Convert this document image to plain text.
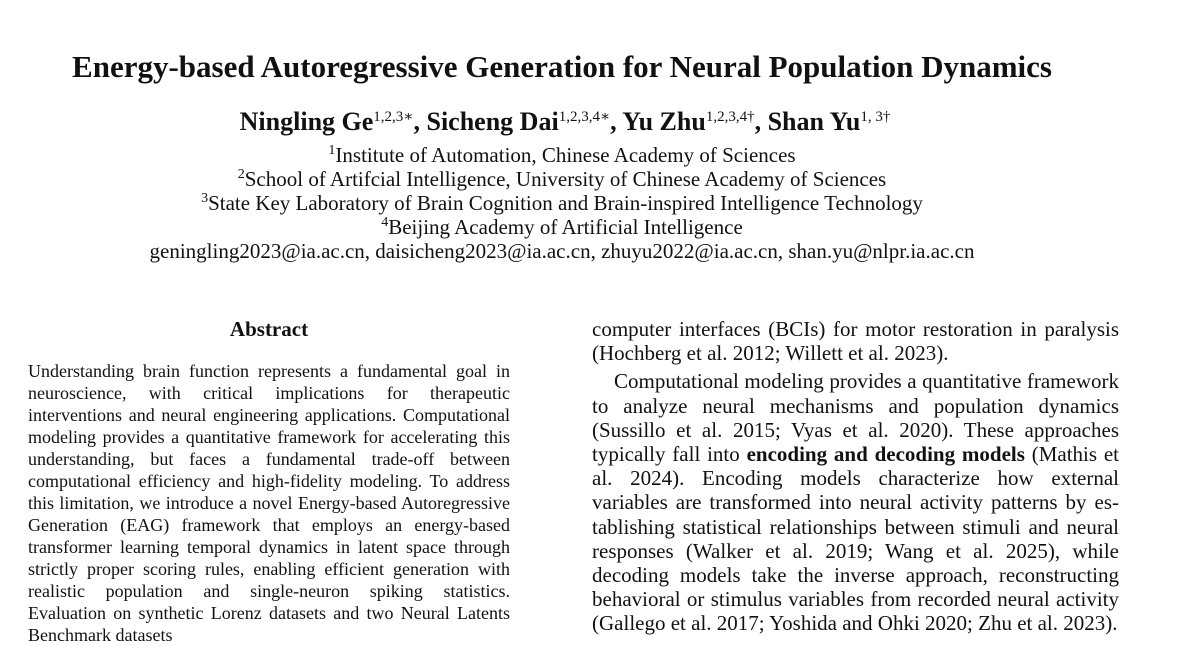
Energy-based Autoregressive Generation for Neural Population Dynamics
Ningling $Ge^{1,2,3∗}$, Sicheng Dai$^{1,2,3,4∗}$, Yu Zhu$^{1,2,3,4\dagger}$, Shan $Yu^{1, 3\dagger}$
$^1$Institute of Automation, Chinese Academy of Sciences
$^2$School of Artifcial Intelligence, University of Chinese Academy of Sciences
$^3$State Key Laboratory of Brain Cognition and Brain-inspired Intelligence Technology
$^4$Beijing Academy of Artificial Intelligence
geningling2023@ia.ac.cn, daisicheng2023@ia.ac.cn, zhuyu2022@ia.ac.cn, shan.yu@nlpr.ia.ac.cn
Abstract

Understanding brain function represents a fundamental goal in neuroscience, with critical implications for therapeutic interventions and neural engineering applications. Computational modeling provides a quantitative framework for accelerating this understanding, but faces a fundamental trade-off between computational efficiency and high-fidelity modeling. To address this limitation, we introduce a novel Energy-based Autoregressive Generation (EAG) framework that employs an energy-based transformer learning temporal dynamics in latent space through strictly proper scoring rules, enabling efficient generation with realistic population and single-neuron spiking statistics. Evaluation on synthetic Lorenz datasets and two Neural Latents Benchmark datasets

computer interfaces (BCIs) for motor restoration in paralysis (Hochberg et al. 2012; Willett et al. 2023).

Computational modeling provides a quantitative framework to analyze neural mechanisms and population dynamics (Sussillo et al. 2015; Vyas et al. 2020). These approaches typically fall into encoding and decoding models (Mathis et al. 2024). Encoding models characterize how external variables are transformed into neural activity patterns by establishing statistical relationships between stimuli and neural responses (Walker et al. 2019; Wang et al. 2025), while decoding models take the inverse approach, reconstructing behavioral or stimulus variables from recorded neural activity (Gallego et al. 2017; Yoshida and Ohki 2020; Zhu et al. 2023).
